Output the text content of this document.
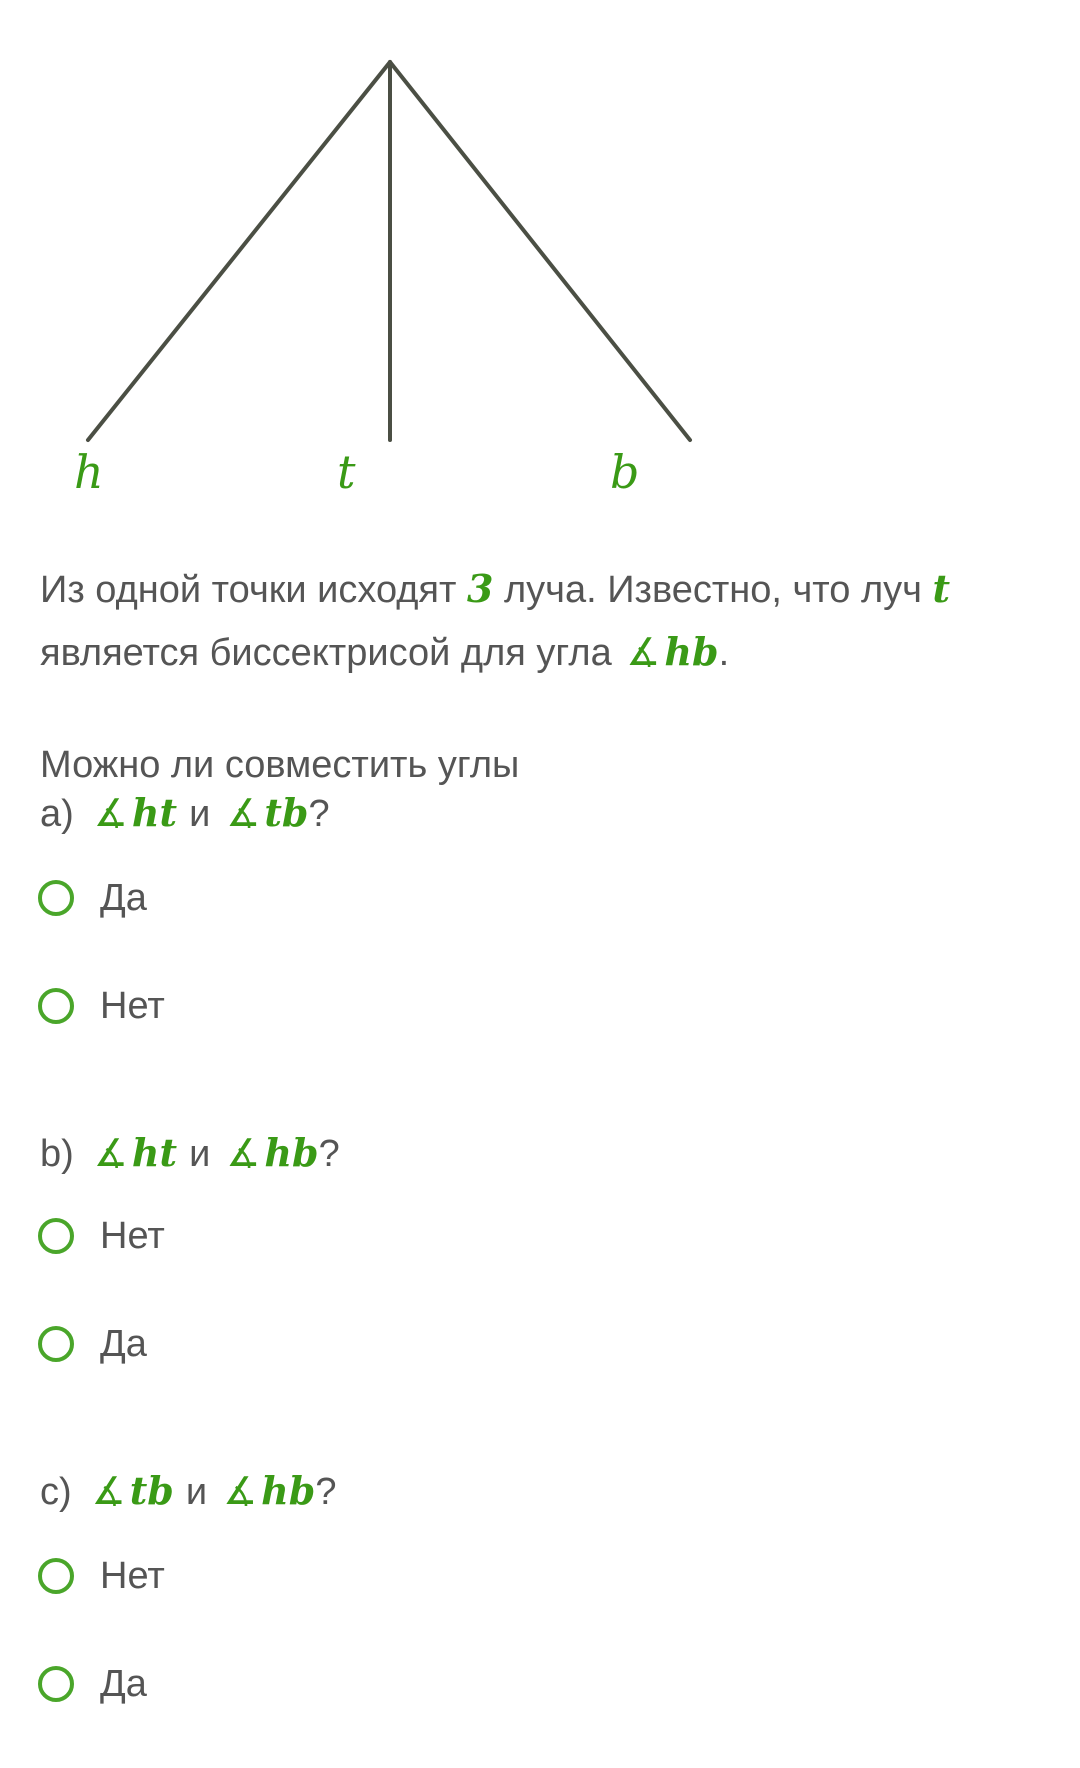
h	t	b
Из одной точки исходят 3 луча. Известно, что луч t
является биссектрисой для угла ∡ hb.
Можно ли совместить углы
a) ∡ ht и ∡ tb ?
Да
Нет
b) ∡ ht и ∡ hb ?
Нет
Да
c) ∡ tb и ∡ hb ?
Нет
Да
